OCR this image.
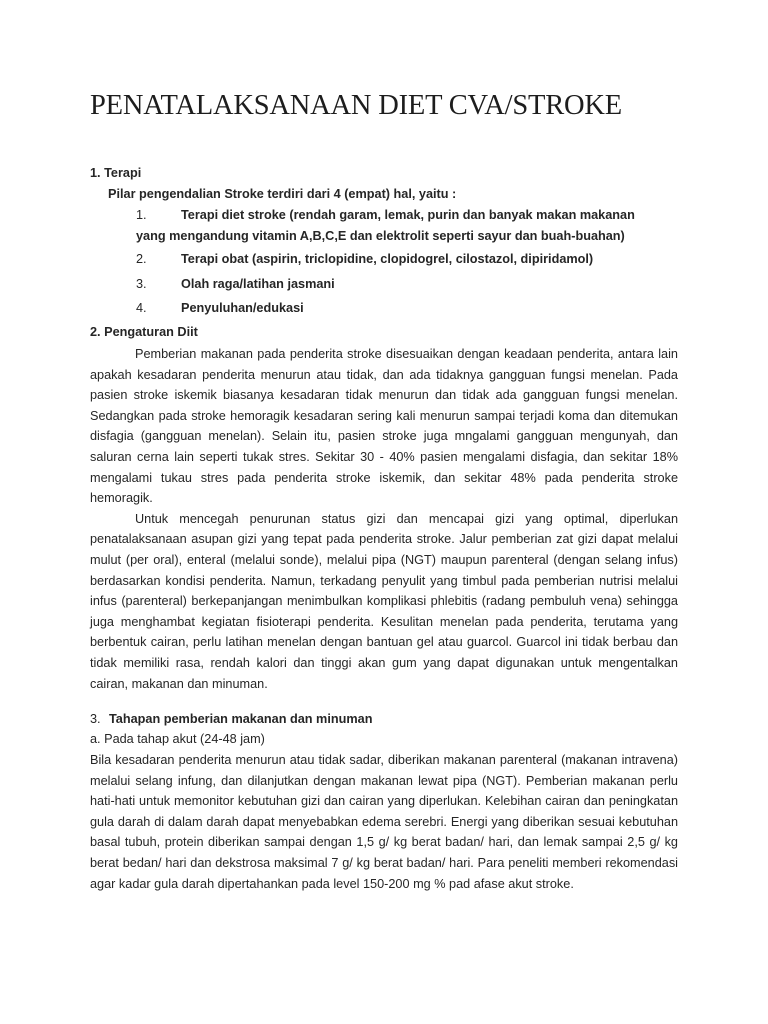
PENATALAKSANAAN DIET CVA/STROKE
1. Terapi
Pilar pengendalian Stroke terdiri dari 4 (empat) hal, yaitu :
1.	Terapi diet stroke (rendah garam, lemak, purin dan banyak makan makanan
yang mengandung vitamin A,B,C,E dan elektrolit seperti sayur dan buah-buahan)
2.	Terapi obat (aspirin, triclopidine, clopidogrel, cilostazol, dipiridamol)
3.	Olah raga/latihan jasmani
4.	Penyuluhan/edukasi
2. Pengaturan Diit

Pemberian makanan pada penderita stroke disesuaikan dengan keadaan penderita, antara lain apakah kesadaran penderita menurun atau tidak, dan ada tidaknya gangguan fungsi menelan. Pada pasien stroke iskemik biasanya kesadaran tidak menurun dan tidak ada gangguan fungsi menelan. Sedangkan pada stroke hemoragik kesadaran sering kali menurun sampai terjadi koma dan ditemukan disfagia (gangguan menelan). Selain itu, pasien stroke juga mngalami gangguan mengunyah, dan saluran cerna lain seperti tukak stres. Sekitar 30 - 40% pasien mengalami disfagia, dan sekitar 18% mengalami tukau stres pada penderita stroke iskemik, dan sekitar 48% pada penderita stroke hemoragik.

Untuk mencegah penurunan status gizi dan mencapai gizi yang optimal, diperlukan penatalaksanaan asupan gizi yang tepat pada penderita stroke. Jalur pemberian zat gizi dapat melalui mulut (per oral), enteral (melalui sonde), melalui pipa (NGT) maupun parenteral (dengan selang infus) berdasarkan kondisi penderita. Namun, terkadang penyulit yang timbul pada pemberian nutrisi melalui infus (parenteral) berkepanjangan menimbulkan komplikasi phlebitis (radang pembuluh vena) sehingga juga menghambat kegiatan fisioterapi penderita. Kesulitan menelan pada penderita, terutama yang berbentuk cairan, perlu latihan menelan dengan bantuan gel atau guarcol. Guarcol ini tidak berbau dan tidak memiliki rasa, rendah kalori dan tinggi akan gum yang dapat digunakan untuk mengentalkan cairan, makanan dan minuman.

3. Tahapan pemberian makanan dan minuman
a. Pada tahap akut (24-48 jam)

Bila kesadaran penderita menurun atau tidak sadar, diberikan makanan parenteral (makanan intravena) melalui selang infung, dan dilanjutkan dengan makanan lewat pipa (NGT). Pemberian makanan perlu hati-hati untuk memonitor kebutuhan gizi dan cairan yang diperlukan. Kelebihan cairan dan peningkatan gula darah di dalam darah dapat menyebabkan edema serebri. Energi yang diberikan sesuai kebutuhan basal tubuh, protein diberikan sampai dengan 1,5 g/ kg berat badan/ hari, dan lemak sampai 2,5 g/ kg berat bedan/ hari dan dekstrosa maksimal 7 g/ kg berat badan/ hari. Para peneliti memberi rekomendasi agar kadar gula darah dipertahankan pada level 150-200 mg % pad afase akut stroke.
